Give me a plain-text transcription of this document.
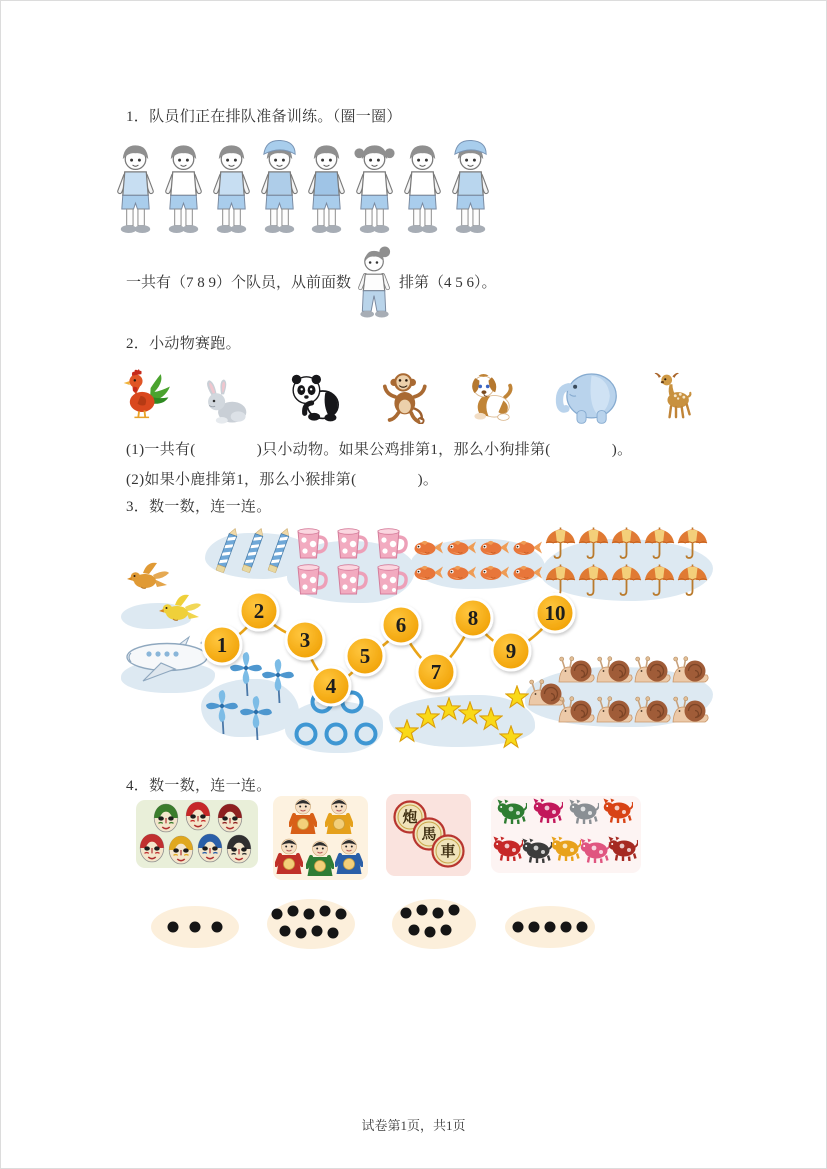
1．队员们正在排队准备训练。（圈一圈）
一共有（7 8 9）个队员，从前面数	排第（4 5 6）。
2．小动物赛跑。
(1)一共有(　　　　)只小动物。如果公鸡排第1，那么小狗排第(　　　　)。
(2)如果小鹿排第1，那么小猴排第(　　　　)。
3．数一数，连一连。
1
2
3
4
5
6
7
8
9
10
4．数一数，连一连。
炮
馬
車
试卷第1页，共1页
